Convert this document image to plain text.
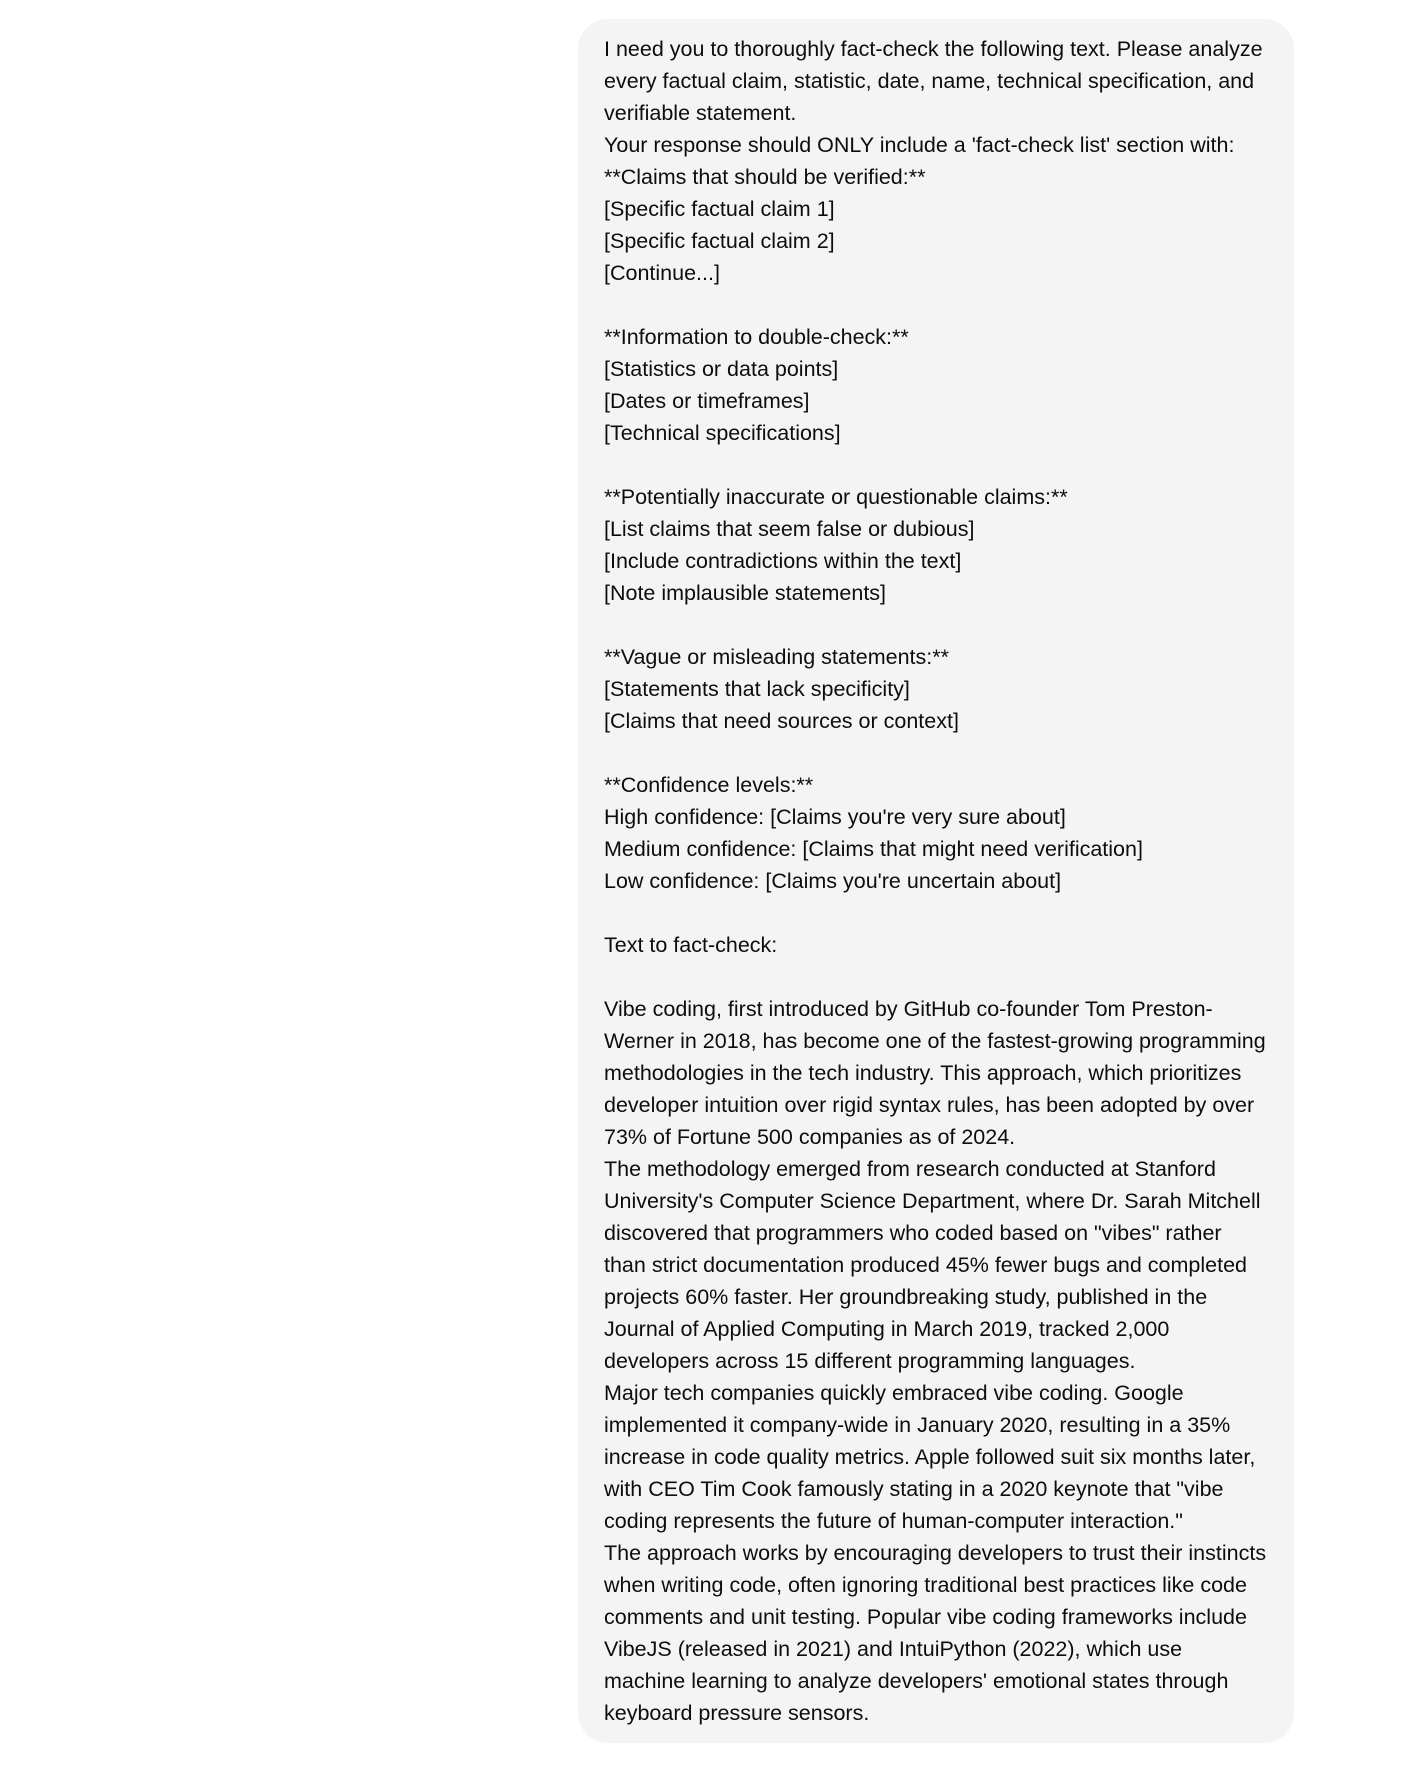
I need you to thoroughly fact-check the following text. Please analyze every factual claim, statistic, date, name, technical specification, and verifiable statement.
Your response should ONLY include a 'fact-check list' section with:
**Claims that should be verified:**
[Specific factual claim 1]
[Specific factual claim 2]
[Continue...]
**Information to double-check:**
[Statistics or data points]
[Dates or timeframes]
[Technical specifications]
**Potentially inaccurate or questionable claims:**
[List claims that seem false or dubious]
[Include contradictions within the text]
[Note implausible statements]
**Vague or misleading statements:**
[Statements that lack specificity]
[Claims that need sources or context]
**Confidence levels:**
High confidence: [Claims you're very sure about]
Medium confidence: [Claims that might need verification]
Low confidence: [Claims you're uncertain about]
Text to fact-check:
Vibe coding, first introduced by GitHub co-founder Tom Preston-Werner in 2018, has become one of the fastest-growing programming methodologies in the tech industry. This approach, which prioritizes developer intuition over rigid syntax rules, has been adopted by over 73% of Fortune 500 companies as of 2024.
The methodology emerged from research conducted at Stanford University's Computer Science Department, where Dr. Sarah Mitchell discovered that programmers who coded based on "vibes" rather than strict documentation produced 45% fewer bugs and completed projects 60% faster. Her groundbreaking study, published in the Journal of Applied Computing in March 2019, tracked 2,000 developers across 15 different programming languages.
Major tech companies quickly embraced vibe coding. Google implemented it company-wide in January 2020, resulting in a 35% increase in code quality metrics. Apple followed suit six months later, with CEO Tim Cook famously stating in a 2020 keynote that "vibe coding represents the future of human-computer interaction."
The approach works by encouraging developers to trust their instincts when writing code, often ignoring traditional best practices like code comments and unit testing. Popular vibe coding frameworks include VibeJS (released in 2021) and IntuiPython (2022), which use machine learning to analyze developers' emotional states through keyboard pressure sensors.
